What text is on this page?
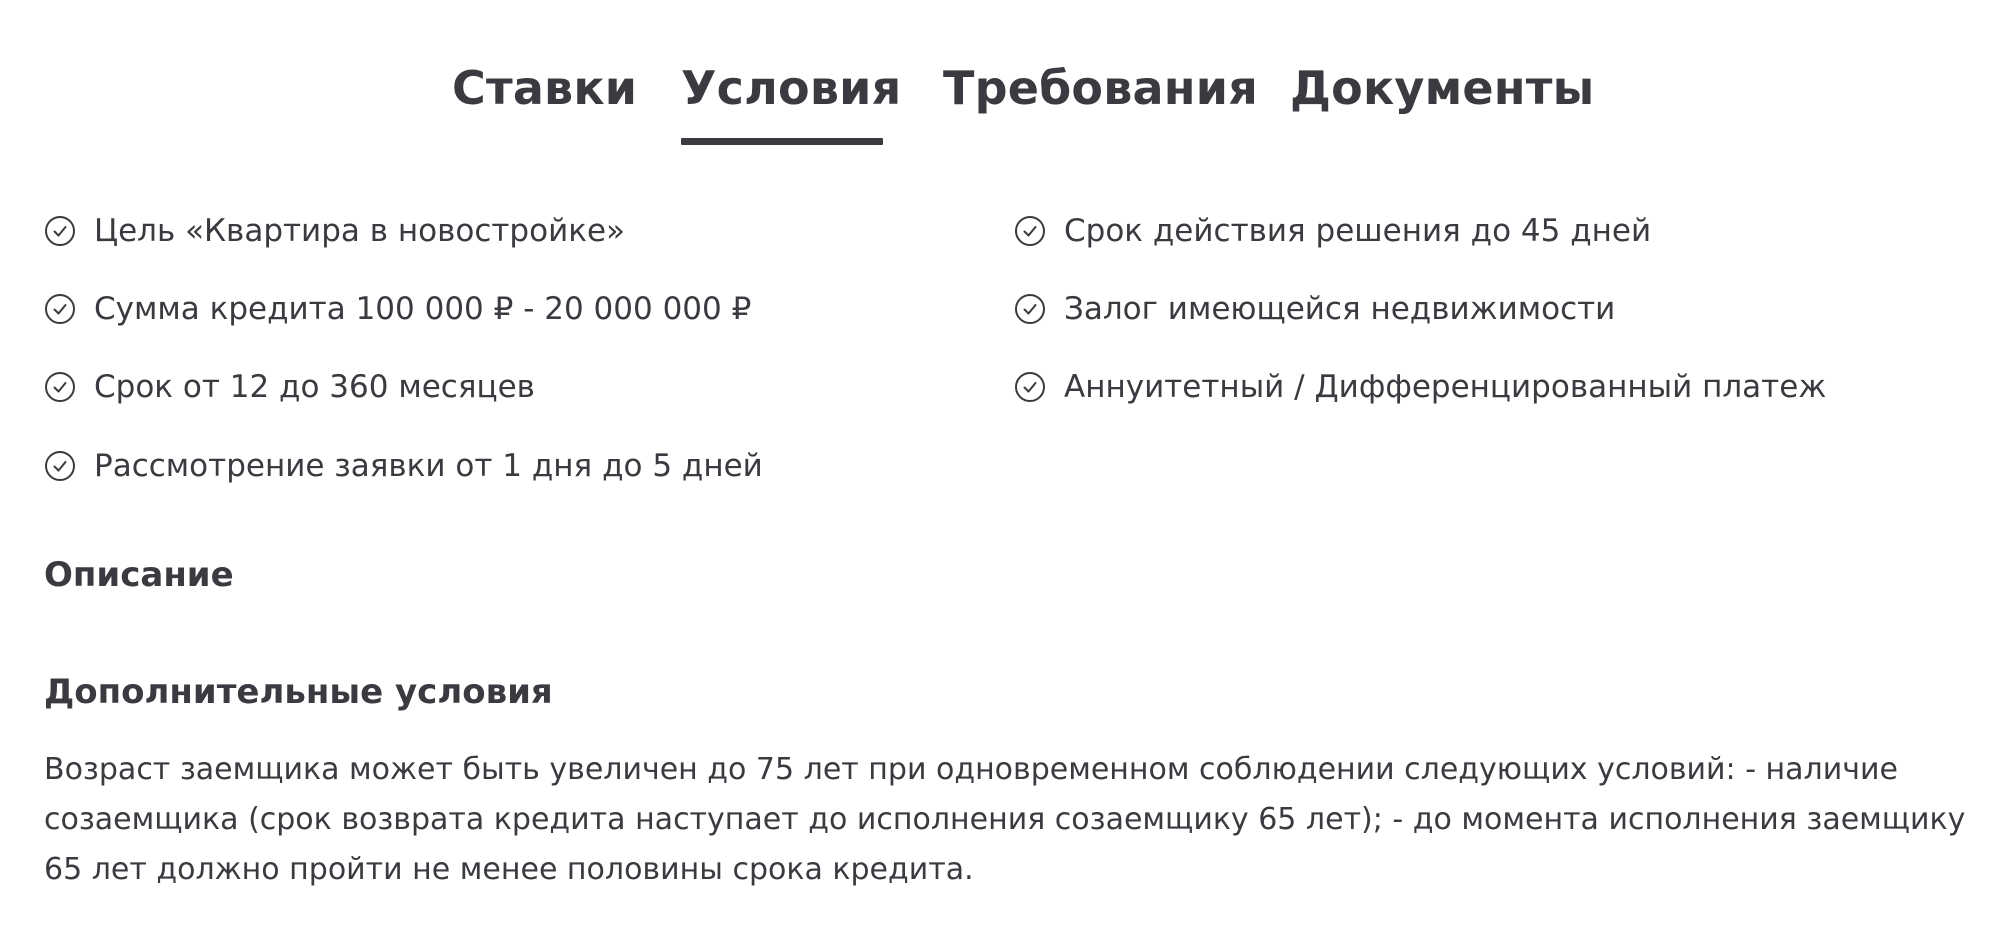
Ставки Условия Требования Документы
Цель «Квартира в новостройке»
Сумма кредита 100 000 ₽ - 20 000 000 ₽
Срок от 12 до 360 месяцев
Рассмотрение заявки от 1 дня до 5 дней
Срок действия решения до 45 дней
Залог имеющейся недвижимости
Аннуитетный / Дифференцированный платеж
Описание
Дополнительные условия

Возраст заемщика может быть увеличен до 75 лет при одновременном соблюдении следующих условий: - наличие созаемщика (срок возврата кредита наступает до исполнения созаемщику 65 лет); - до момента исполнения заемщику 65 лет должно пройти не менее половины срока кредита.
